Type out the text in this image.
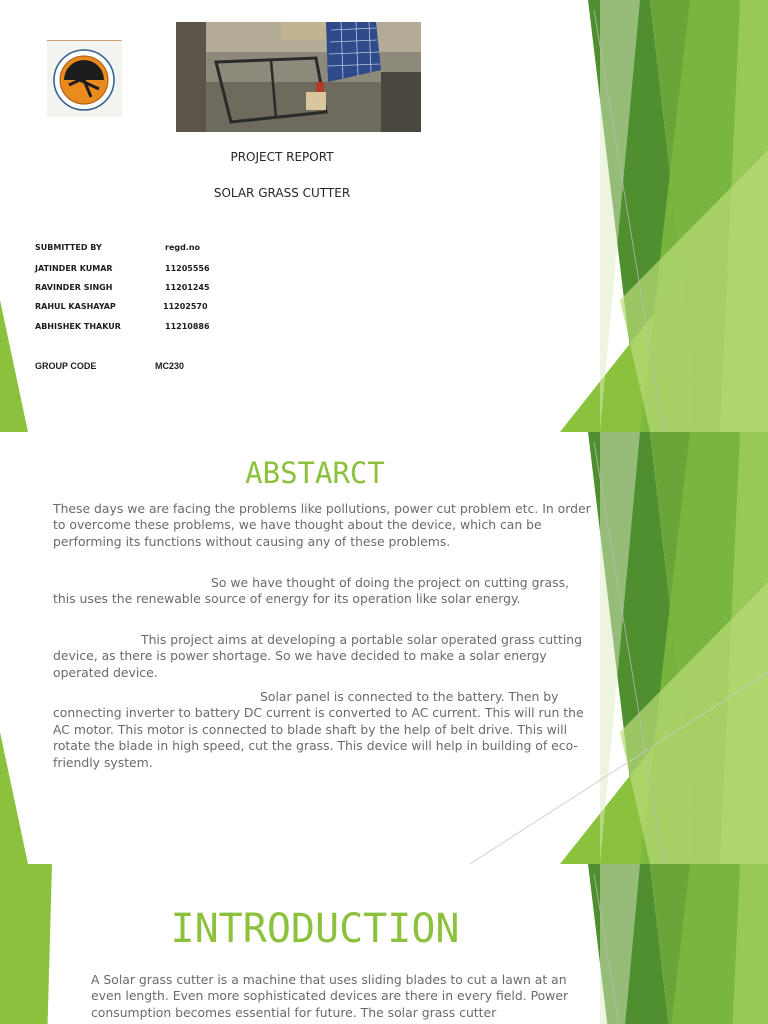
PROJECT REPORT
SOLAR GRASS CUTTER
SUBMITTED BY	regd.no
JATINDER KUMAR	11205556
RAVINDER SINGH	11201245
RAHUL KASHAYAP	11202570
ABHISHEK THAKUR	11210886
GROUP CODE	MC230
ABSTARCT

These days we are facing the problems like pollutions, power cut problem etc. In order to overcome these problems, we have thought about the device, which can be performing its functions without causing any of these problems.

So we have thought of doing the project on cutting grass, this uses the renewable source of energy for its operation like solar energy.

This project aims at developing a portable solar operated grass cutting device, as there is power shortage. So we have decided to make a solar energy operated device.

Solar panel is connected to the battery. Then by connecting inverter to battery DC current is converted to AC current. This will run the AC motor. This motor is connected to blade shaft by the help of belt drive. This will rotate the blade in high speed, cut the grass. This device will help in building of eco-friendly system.

INTRODUCTION

A Solar grass cutter is a machine that uses sliding blades to cut a lawn at an even length. Even more sophisticated devices are there in every field. Power consumption becomes essential for future. The solar grass cutter
